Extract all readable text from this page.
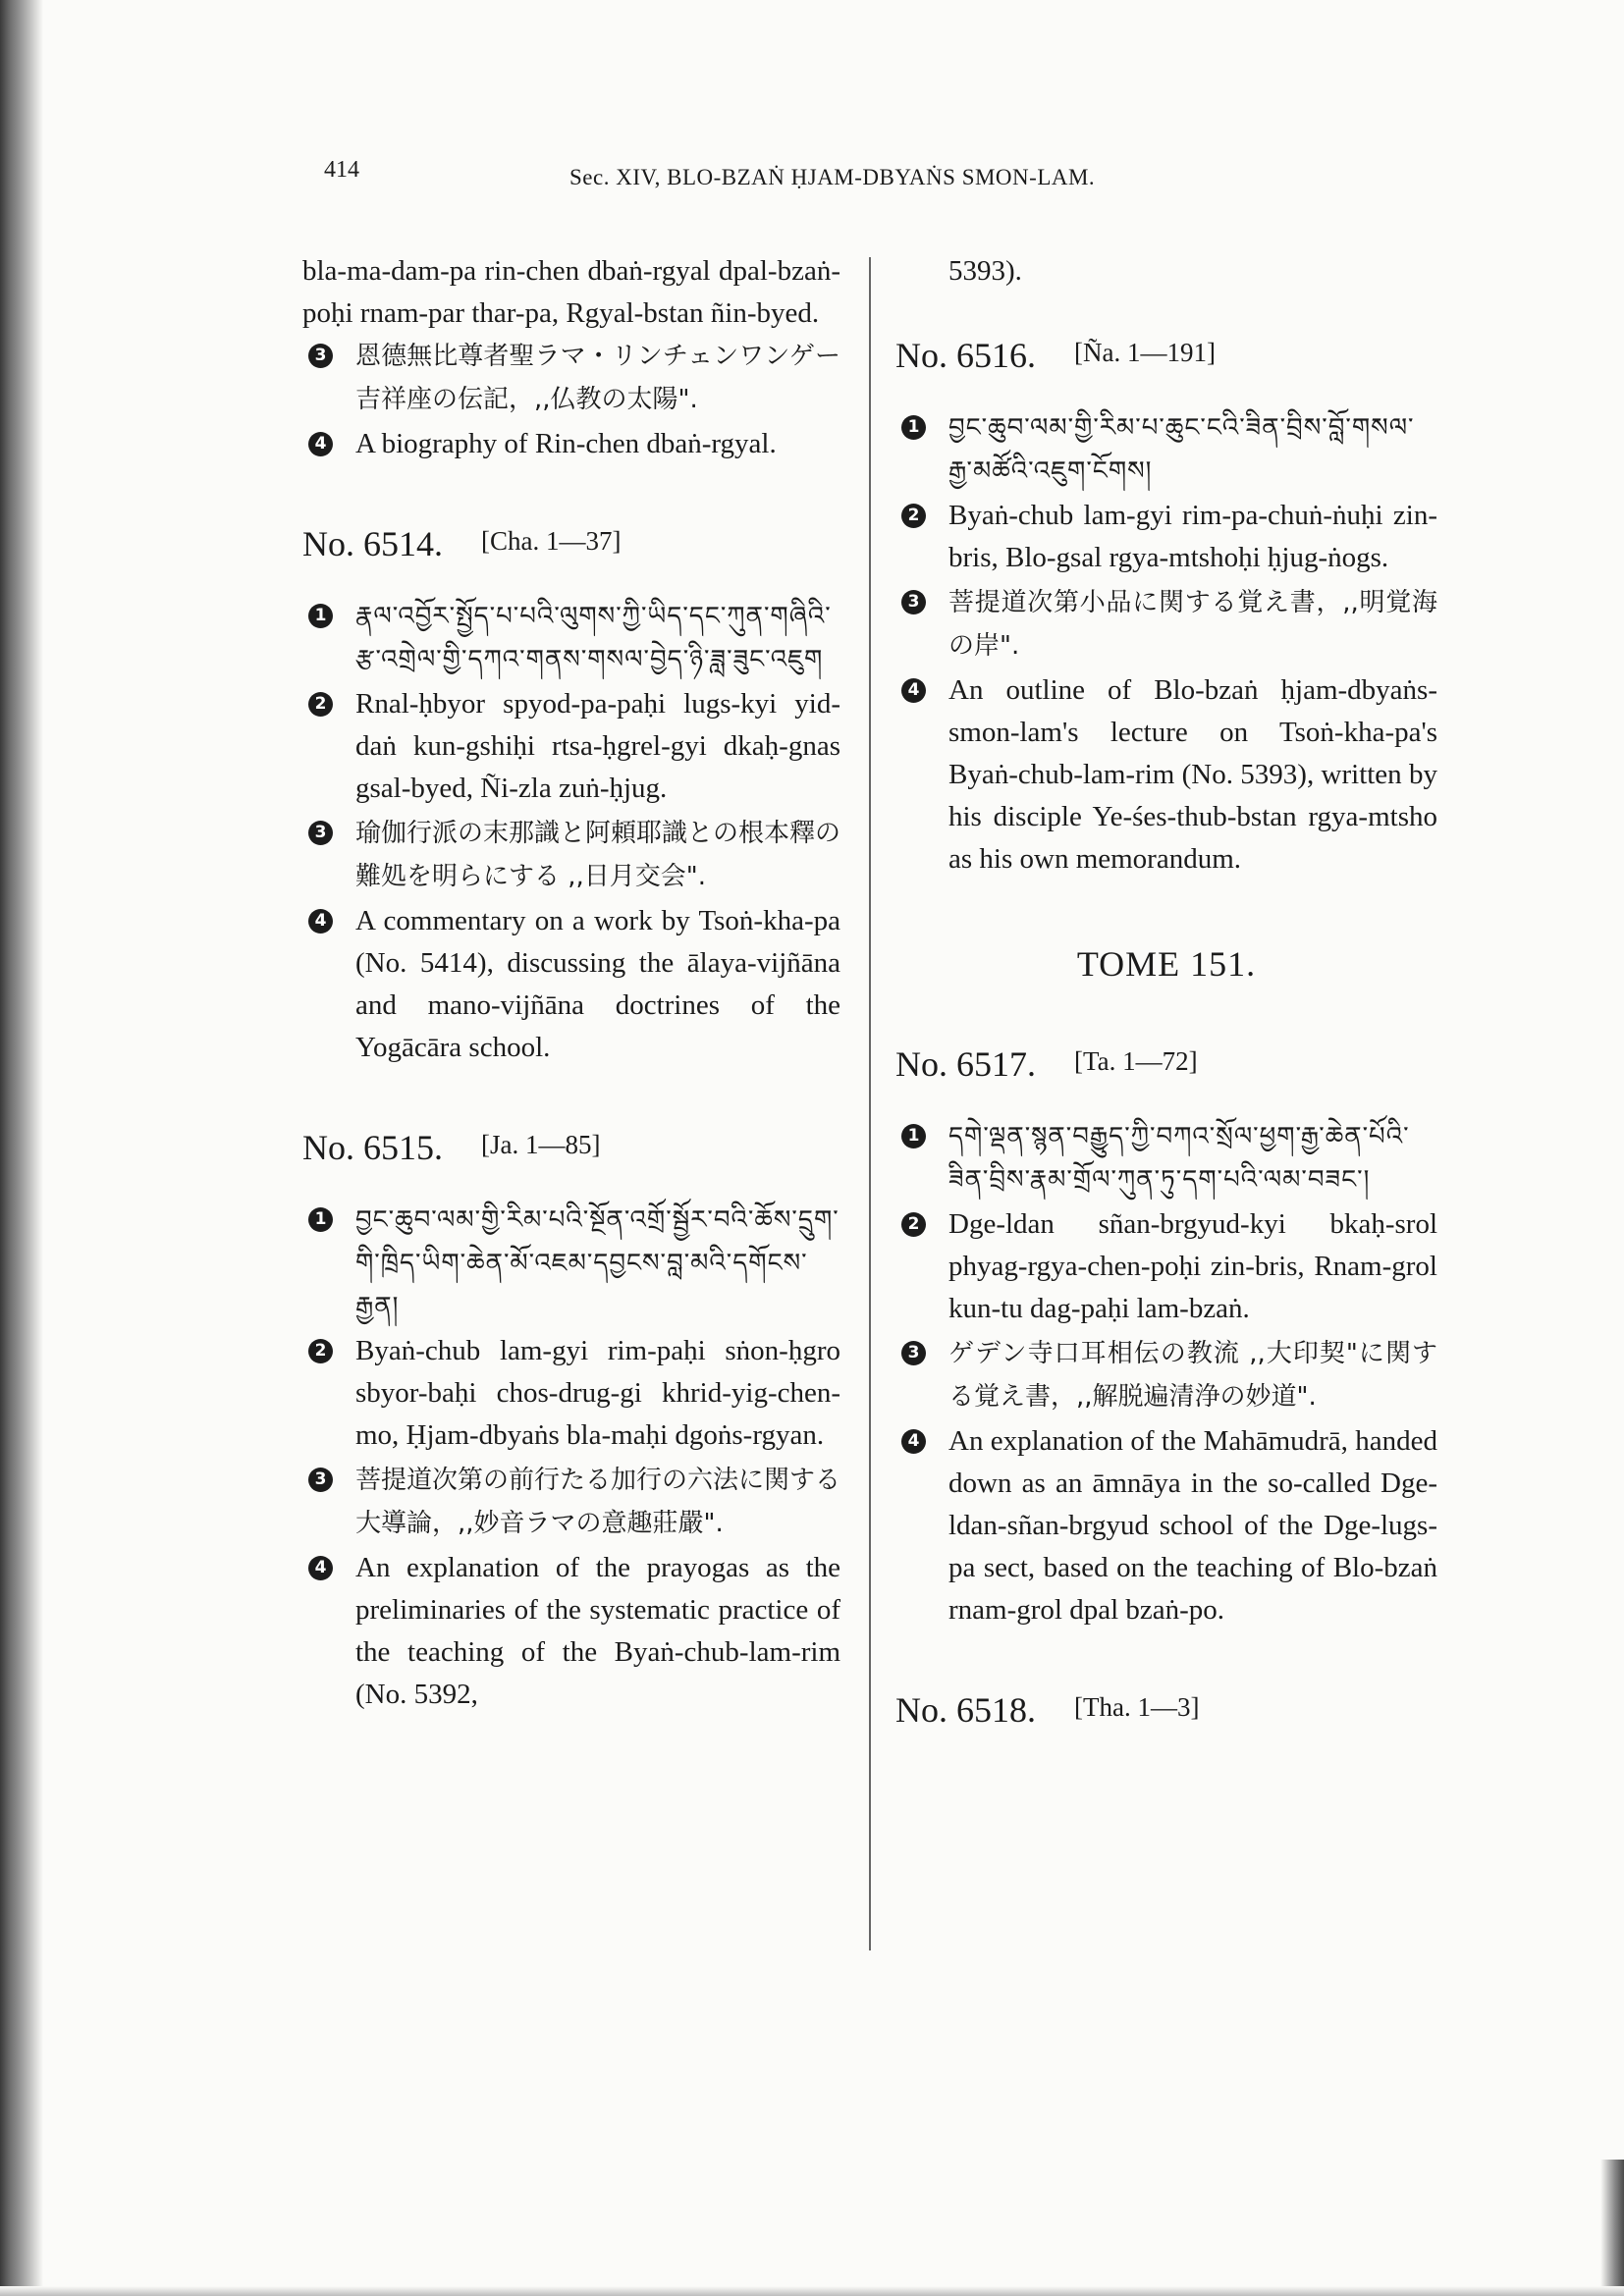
414	Sec. XIV, BLO-BZAṄ ḤJAM-DBYAṄS SMON-LAM.

bla-ma-dam-pa rin-chen dbaṅ-rgyal dpal-bzaṅ-poḥi rnam-par thar-pa, Rgyal-bstan ñin-byed.

3 恩德無比尊者聖ラマ・リンチェンワンゲー吉祥座の伝記，,,仏教の太陽".
4 A biography of Rin-chen dbaṅ-rgyal.
No. 6514. [Cha. 1—37]
1 རྣལ་འབྱོར་སྤྱོད་པ་པའི་ལུགས་ཀྱི་ཡིད་དང་ཀུན་གཞིའི་རྩ་འགྲེལ་གྱི་དཀའ་གནས་གསལ་བྱེད་ཉི་ཟླ་ཟུང་འཇུག
2 Rnal-ḥbyor spyod-pa-paḥi lugs-kyi yid-daṅ kun-gshiḥi rtsa-ḥgrel-gyi dkaḥ-gnas gsal-byed, Ñi-zla zuṅ-ḥjug.
3 瑜伽行派の末那識と阿頼耶識との根本釋の難処を明らにする ,,日月交会".
4 A commentary on a work by Tsoṅ-kha-pa (No. 5414), discussing the ālaya-vijñāna and mano-vijñāna doctrines of the Yogācāra school.
No. 6515. [Ja. 1—85]
1 བྱང་ཆུབ་ལམ་གྱི་རིམ་པའི་སྔོན་འགྲོ་སྦྱོར་བའི་ཆོས་དྲུག་གི་ཁྲིད་ཡིག་ཆེན་མོ་འཇམ་དབྱངས་བླ་མའི་དགོངས་རྒྱན།
2 Byaṅ-chub lam-gyi rim-paḥi sṅon-ḥgro sbyor-baḥi chos-drug-gi khrid-yig-chen-mo, Ḥjam-dbyaṅs bla-maḥi dgoṅs-rgyan.
3 菩提道次第の前行たる加行の六法に関する大導論，,,妙音ラマの意趣莊嚴".
4 An explanation of the prayogas as the preliminaries of the systematic practice of the teaching of the Byaṅ-chub-lam-rim (No. 5392,

5393).

No. 6516. [Ña. 1—191]
1 བྱང་ཆུབ་ལམ་གྱི་རིམ་པ་ཆུང་ངའི་ཟིན་བྲིས་བློ་གསལ་རྒྱ་མཚོའི་འཇུག་ངོགས།
2 Byaṅ-chub lam-gyi rim-pa-chuṅ-ṅuḥi zin-bris, Blo-gsal rgya-mtshoḥi ḥjug-ṅogs.
3 菩提道次第小品に関する覚え書，,,明覚海の岸".
4 An outline of Blo-bzaṅ ḥjam-dbyaṅs-smon-lam's lecture on Tsoṅ-kha-pa's Byaṅ-chub-lam-rim (No. 5393), written by his disciple Ye-śes-thub-bstan rgya-mtsho as his own memorandum.
TOME 151.
No. 6517. [Ta. 1—72]
1 དགེ་ལྡན་སྙན་བརྒྱུད་ཀྱི་བཀའ་སྲོལ་ཕྱག་རྒྱ་ཆེན་པོའི་ཟིན་བྲིས་རྣམ་གྲོལ་ཀུན་ཏུ་དག་པའི་ལམ་བཟང་།
2 Dge-ldan sñan-brgyud-kyi bkaḥ-srol phyag-rgya-chen-poḥi zin-bris, Rnam-grol kun-tu dag-paḥi lam-bzaṅ.
3 ゲデン寺口耳相伝の教流 ,,大印契"に関する覚え書，,,解脱遍清浄の妙道".
4 An explanation of the Mahāmudrā, handed down as an āmnāya in the so-called Dge-ldan-sñan-brgyud school of the Dge-lugs-pa sect, based on the teaching of Blo-bzaṅ rnam-grol dpal bzaṅ-po.
No. 6518. [Tha. 1—3]
